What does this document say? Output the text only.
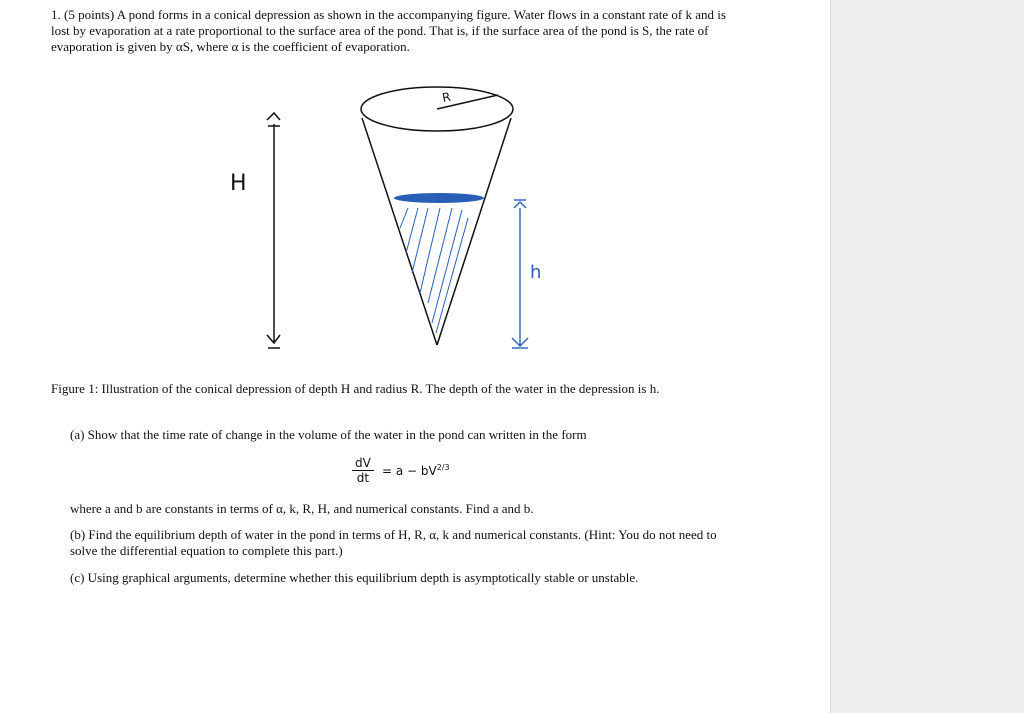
1. (5 points) A pond forms in a conical depression as shown in the accompanying figure. Water flows in a constant rate of k and is lost by evaporation at a rate proportional to the surface area of the pond. That is, if the surface area of the pond is S, the rate of evaporation is given by αS, where α is the coefficient of evaporation.
H
R
h
Figure 1: Illustration of the conical depression of depth H and radius R. The depth of the water in the depression is h.
(a) Show that the time rate of change in the volume of the water in the pond can written in the form
$\frac{dV}{dt} = a - bV^{2/3}$
where a and b are constants in terms of α, k, R, H, and numerical constants. Find a and b.
(b) Find the equilibrium depth of water in the pond in terms of H, R, α, k and numerical constants. (Hint: You do not need to solve the differential equation to complete this part.)
(c) Using graphical arguments, determine whether this equilibrium depth is asymptotically stable or unstable.
